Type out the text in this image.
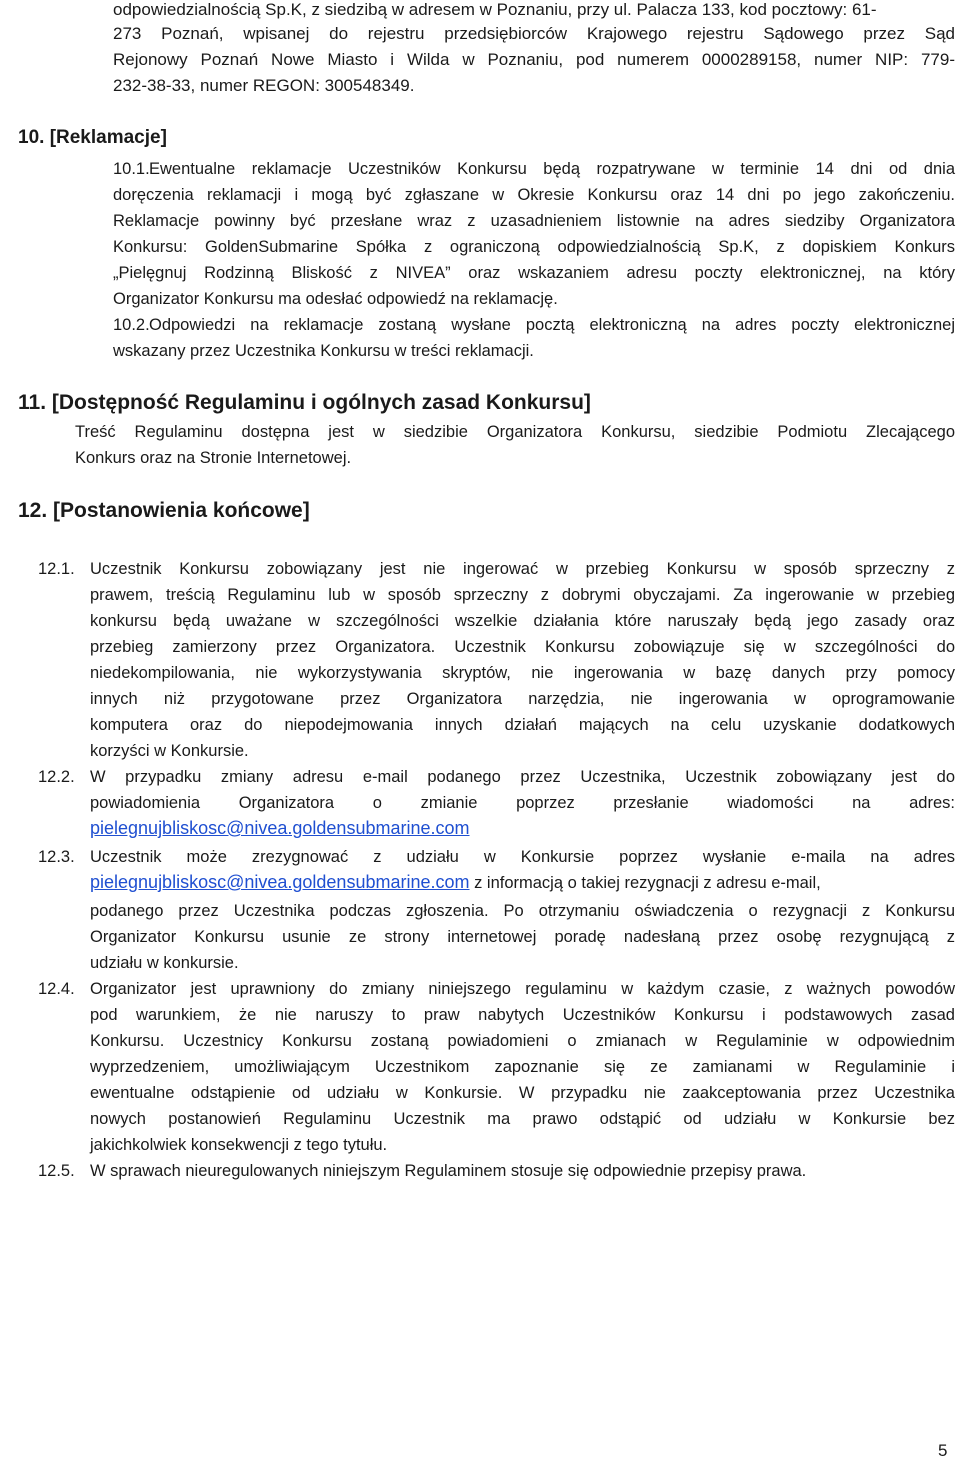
odpowiedzialnością Sp.K, z siedzibą w adresem w Poznaniu, przy ul. Palacza 133, kod pocztowy: 61-
273 Poznań, wpisanej do rejestru przedsiębiorców Krajowego rejestru Sądowego przez Sąd
Rejonowy Poznań Nowe Miasto i Wilda w Poznaniu, pod numerem 0000289158, numer NIP: 779-
232-38-33, numer REGON: 300548349.
10. [Reklamacje]
10.1. Ewentualne reklamacje Uczestników Konkursu będą rozpatrywane w terminie 14 dni od dnia
doręczenia reklamacji i mogą być zgłaszane w Okresie Konkursu oraz 14 dni po jego zakończeniu.
Reklamacje powinny być przesłane wraz z uzasadnieniem listownie na adres siedziby Organizatora
Konkursu: GoldenSubmarine Spółka z ograniczoną odpowiedzialnością Sp.K, z dopiskiem Konkurs
„Pielęgnuj Rodzinną Bliskość z NIVEA” oraz wskazaniem adresu poczty elektronicznej, na który
Organizator Konkursu ma odesłać odpowiedź na reklamację.
10.2. Odpowiedzi na reklamacje zostaną wysłane pocztą elektroniczną na adres poczty elektronicznej
wskazany przez Uczestnika Konkursu w treści reklamacji.
11. [Dostępność Regulaminu i ogólnych zasad Konkursu]
Treść Regulaminu dostępna jest w siedzibie Organizatora Konkursu, siedzibie Podmiotu Zlecającego
Konkurs oraz na Stronie Internetowej.
12. [Postanowienia końcowe]
12.1. Uczestnik Konkursu zobowiązany jest nie ingerować w przebieg Konkursu w sposób sprzeczny z
prawem, treścią Regulaminu lub w sposób sprzeczny z dobrymi obyczajami. Za ingerowanie w przebieg
konkursu będą uważane w szczególności wszelkie działania które naruszały będą jego zasady oraz
przebieg zamierzony przez Organizatora. Uczestnik Konkursu zobowiązuje się w szczególności do
niedekompilowania, nie wykorzystywania skryptów, nie ingerowania w bazę danych przy pomocy
innych niż przygotowane przez Organizatora narzędzia, nie ingerowania w oprogramowanie
komputera oraz do niepodejmowania innych działań mających na celu uzyskanie dodatkowych
korzyści w Konkursie.
12.2. W przypadku zmiany adresu e-mail podanego przez Uczestnika, Uczestnik zobowiązany jest do
powiadomienia Organizatora o zmianie poprzez przesłanie wiadomości na adres:
pielegnujbliskosc@nivea.goldensubmarine.com
12.3. Uczestnik może zrezygnować z udziału w Konkursie poprzez wysłanie e-maila na adres
pielegnujbliskosc@nivea.goldensubmarine.com z informacją o takiej rezygnacji z adresu e-mail,
podanego przez Uczestnika podczas zgłoszenia. Po otrzymaniu oświadczenia o rezygnacji z Konkursu
Organizator Konkursu usunie ze strony internetowej poradę nadesłaną przez osobę rezygnującą z
udziału w konkursie.
12.4. Organizator jest uprawniony do zmiany niniejszego regulaminu w każdym czasie, z ważnych powodów
pod warunkiem, że nie naruszy to praw nabytych Uczestników Konkursu i podstawowych zasad
Konkursu. Uczestnicy Konkursu zostaną powiadomieni o zmianach w Regulaminie w odpowiednim
wyprzedzeniem, umożliwiającym Uczestnikom zapoznanie się ze zamianami w Regulaminie i
ewentualne odstąpienie od udziału w Konkursie. W przypadku nie zaakceptowania przez Uczestnika
nowych postanowień Regulaminu Uczestnik ma prawo odstąpić od udziału w Konkursie bez
jakichkolwiek konsekwencji z tego tytułu.
12.5. W sprawach nieuregulowanych niniejszym Regulaminem stosuje się odpowiednie przepisy prawa.
5
